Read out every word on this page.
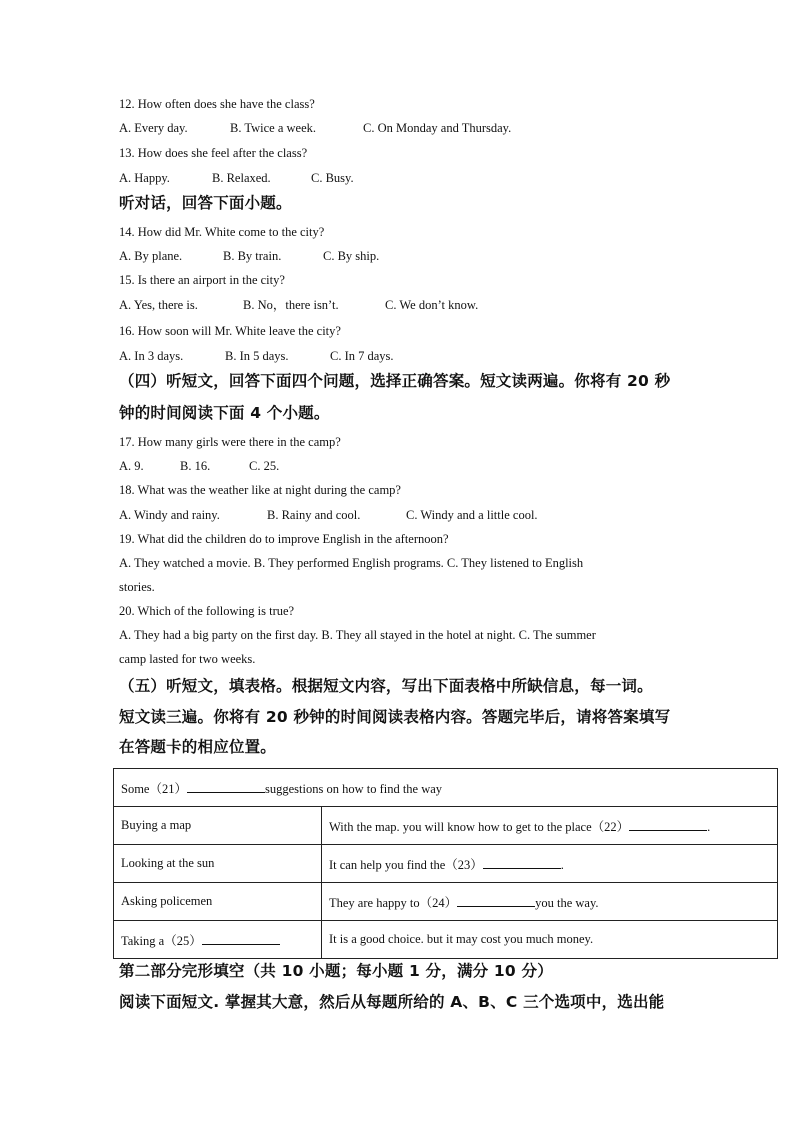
12. How often does she have the class?
A. Every day.	B. Twice a week.	C. On Monday and Thursday.
13. How does she feel after the class?
A. Happy.	B. Relaxed.	C. Busy.
听对话，回答下面小题。
14. How did Mr. White come to the city?
A. By plane.	B. By train.	C. By ship.
15. Is there an airport in the city?
A. Yes, there is.	B. No，there isn’t.	C. We don’t know.
16. How soon will Mr. White leave the city?
A. In 3 days.	B. In 5 days.	C. In 7 days.
（四）听短文，回答下面四个问题，选择正确答案。短文读两遍。你将有 20 秒
钟的时间阅读下面 4 个小题。
17. How many girls were there in the camp?
A. 9.	B. 16.	C. 25.
18. What was the weather like at night during the camp?
A. Windy and rainy.	B. Rainy and cool.	C. Windy and a little cool.
19. What did the children do to improve English in the afternoon?
A. They watched a movie. B. They performed English programs. C. They listened to English
stories.
20. Which of the following is true?
A. They had a big party on the first day. B. They all stayed in the hotel at night. C. The summer
camp lasted for two weeks.
（五）听短文，填表格。根据短文内容，写出下面表格中所缺信息，每一词。
短文读三遍。你将有 20 秒钟的时间阅读表格内容。答题完毕后，请将答案填写
在答题卡的相应位置。
Some（21） suggestions on how to find the way	
Buying a map	With the map. you will know how to get to the place（22） .
Looking at the sun	It can help you find the（23） .
Asking policemen	They are happy to（24） you the way.
Taking a（25）	It is a good choice. but it may cost you much money.
第二部分完形填空（共 10 小题；每小题 1 分，满分 10 分）
阅读下面短文. 掌握其大意，然后从每题所给的 A、B、C 三个选项中，选出能
